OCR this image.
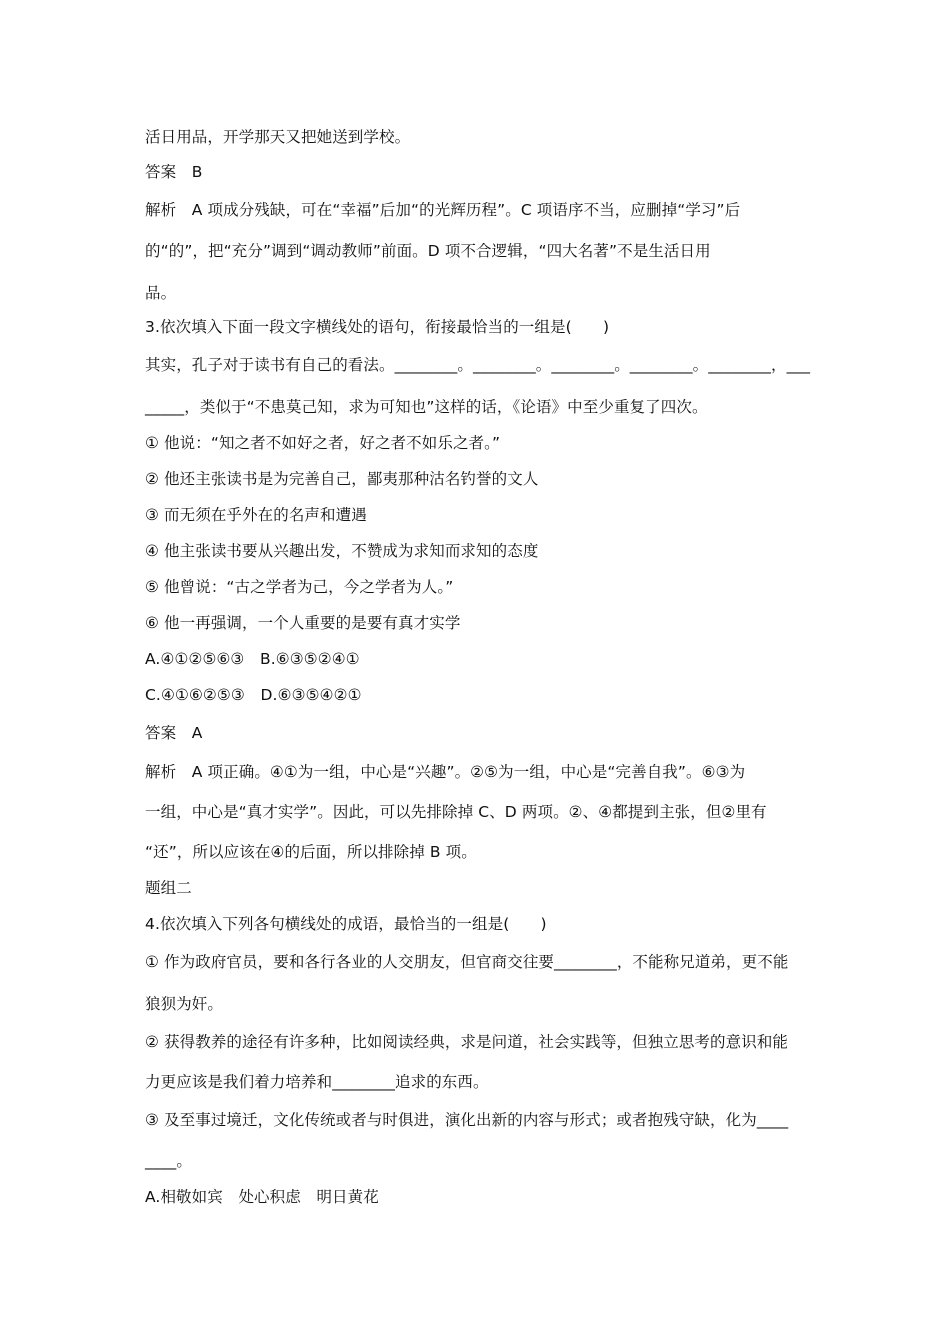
活日用品，开学那天又把她送到学校。
答案　B
解析　A 项成分残缺，可在“幸福”后加“的光辉历程”。C 项语序不当，应删掉“学习”后
的“的”，把“充分”调到“调动教师”前面。D 项不合逻辑，“四大名著”不是生活日用
品。
3.依次填入下面一段文字横线处的语句，衔接最恰当的一组是(　　)
其实，孔子对于读书有自己的看法。________。________。________。________。________，___
_____，类似于“不患莫己知，求为可知也”这样的话，《论语》中至少重复了四次。
① 他说：“知之者不如好之者，好之者不如乐之者。”
② 他还主张读书是为完善自己，鄙夷那种沽名钓誉的文人
③ 而无须在乎外在的名声和遭遇
④ 他主张读书要从兴趣出发，不赞成为求知而求知的态度
⑤ 他曾说：“古之学者为己，今之学者为人。”
⑥ 他一再强调，一个人重要的是要有真才实学
A.④①②⑤⑥③　B.⑥③⑤②④①
C.④①⑥②⑤③　D.⑥③⑤④②①
答案　A
解析　A 项正确。④①为一组，中心是“兴趣”。②⑤为一组，中心是“完善自我”。⑥③为
一组，中心是“真才实学”。因此，可以先排除掉 C、D 两项。②、④都提到主张，但②里有
“还”，所以应该在④的后面，所以排除掉 B 项。
题组二
4.依次填入下列各句横线处的成语，最恰当的一组是(　　)
① 作为政府官员，要和各行各业的人交朋友，但官商交往要________，不能称兄道弟，更不能
狼狈为奸。
② 获得教养的途径有许多种，比如阅读经典，求是问道，社会实践等，但独立思考的意识和能
力更应该是我们着力培养和________追求的东西。
③ 及至事过境迁，文化传统或者与时俱进，演化出新的内容与形式；或者抱残守缺，化为____
____。
A.相敬如宾　处心积虑　明日黄花
